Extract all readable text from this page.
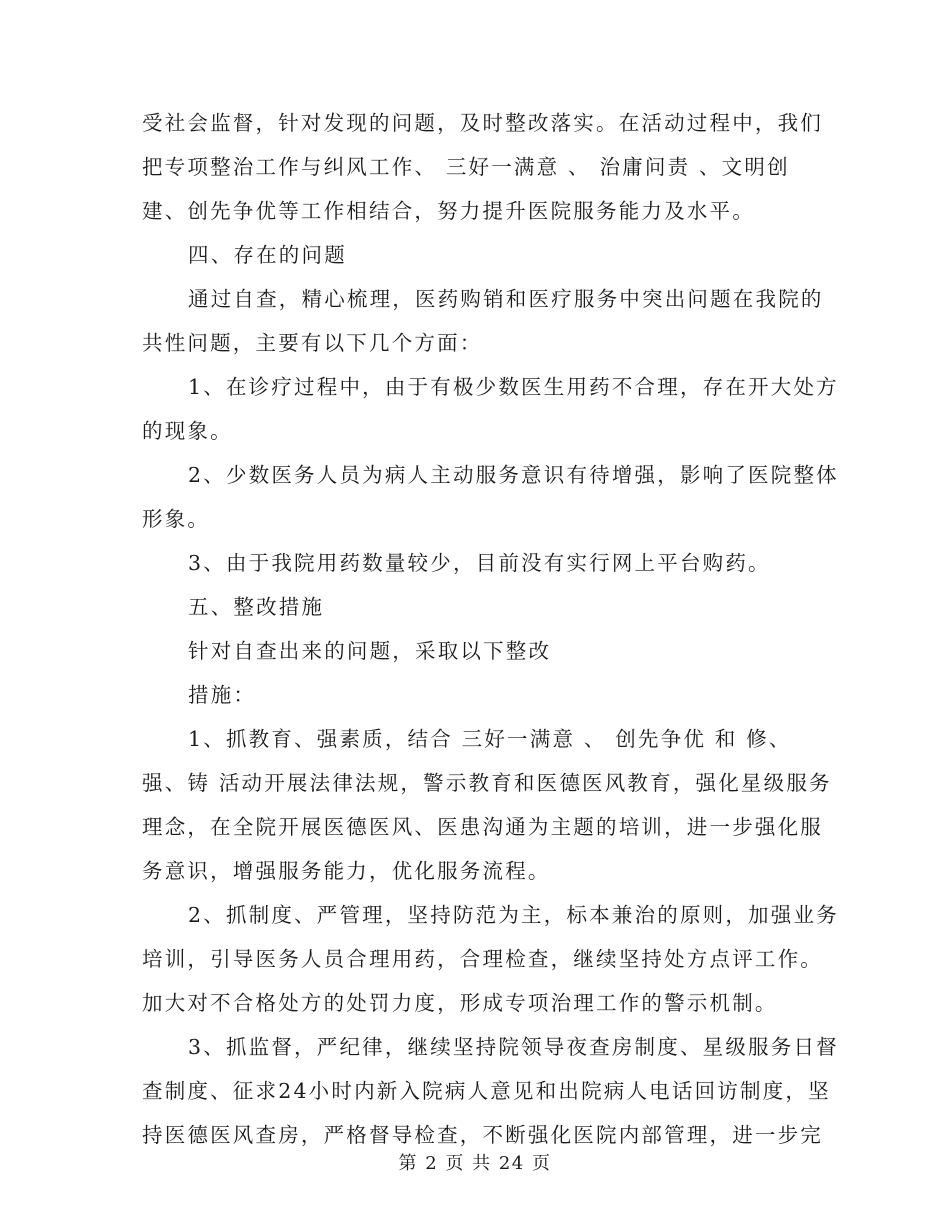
受社会监督，针对发现的问题，及时整改落实。在活动过程中，我们
把专项整治工作与纠风工作、 三好一满意 、 治庸问责 、文明创
建、创先争优等工作相结合，努力提升医院服务能力及水平。
四、存在的问题
通过自查，精心梳理，医药购销和医疗服务中突出问题在我院的
共性问题，主要有以下几个方面：
1、在诊疗过程中，由于有极少数医生用药不合理，存在开大处方
的现象。
2、少数医务人员为病人主动服务意识有待增强，影响了医院整体
形象。
3、由于我院用药数量较少，目前没有实行网上平台购药。
五、整改措施
针对自查出来的问题，采取以下整改
措施：
1、抓教育、强素质，结合 三好一满意 、 创先争优 和 修、
强、铸 活动开展法律法规，警示教育和医德医风教育，强化星级服务
理念，在全院开展医德医风、医患沟通为主题的培训，进一步强化服
务意识，增强服务能力，优化服务流程。
2、抓制度、严管理，坚持防范为主，标本兼治的原则，加强业务
培训，引导医务人员合理用药，合理检查，继续坚持处方点评工作。
加大对不合格处方的处罚力度，形成专项治理工作的警示机制。
3、抓监督，严纪律，继续坚持院领导夜查房制度、星级服务日督
查制度、征求24小时内新入院病人意见和出院病人电话回访制度，坚
持医德医风查房，严格督导检查，不断强化医院内部管理，进一步完
第 2 页 共 24 页
